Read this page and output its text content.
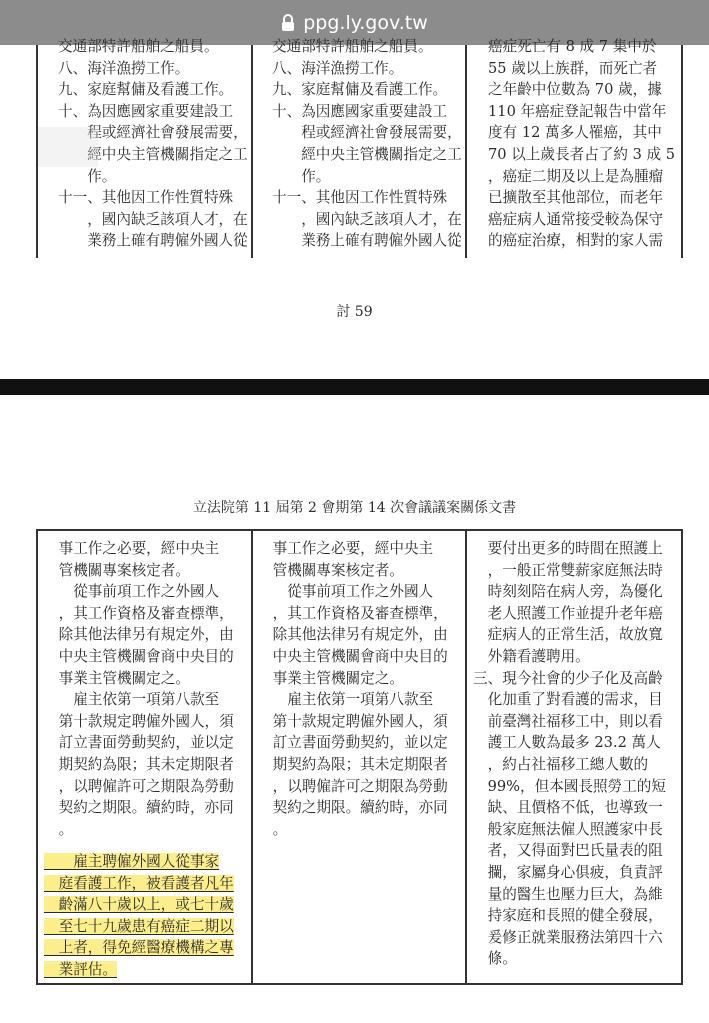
ppg.ly.gov.tw
交通部特許船舶之船員。
八、海洋漁撈工作。
九、家庭幫傭及看護工作。
十、為因應國家重要建設工
　　程或經濟社會發展需要，
　　經中央主管機關指定之工
　　作。
十一、其他因工作性質特殊
　　，國內缺乏該項人才，在
　　業務上確有聘僱外國人從
交通部特許船舶之船員。
八、海洋漁撈工作。
九、家庭幫傭及看護工作。
十、為因應國家重要建設工
　　程或經濟社會發展需要，
　　經中央主管機關指定之工
　　作。
十一、其他因工作性質特殊
　　，國內缺乏該項人才，在
　　業務上確有聘僱外國人從
癌症死亡有 8 成 7 集中於
55 歲以上族群，而死亡者
之年齡中位數為 70 歲，據
110 年癌症登記報告中當年
度有 12 萬多人罹癌，其中
70 以上歲長者占了約 3 成 5
，癌症二期及以上是為腫瘤
已擴散至其他部位，而老年
癌症病人通常接受較為保守
的癌症治療，相對的家人需
討 59
立法院第 11 屆第 2 會期第 14 次會議議案關係文書
　事工作之必要，經中央主
　管機關專案核定者。
　　從事前項工作之外國人
　，其工作資格及審查標準，
　除其他法律另有規定外，由
　中央主管機關會商中央目的
　事業主管機關定之。
　　雇主依第一項第八款至
　第十款規定聘僱外國人，須
　訂立書面勞動契約，並以定
　期契約為限；其未定期限者
　，以聘僱許可之期限為勞動
　契約之期限。續約時，亦同
　。
　　雇主聘僱外國人從事家
　庭看護工作，被看護者凡年
　齡滿八十歲以上，或七十歲
　至七十九歲患有癌症二期以
　上者，得免經醫療機構之專
　業評估。
　事工作之必要，經中央主
　管機關專案核定者。
　　從事前項工作之外國人
　，其工作資格及審查標準，
　除其他法律另有規定外，由
　中央主管機關會商中央目的
　事業主管機關定之。
　　雇主依第一項第八款至
　第十款規定聘僱外國人，須
　訂立書面勞動契約，並以定
　期契約為限；其未定期限者
　，以聘僱許可之期限為勞動
　契約之期限。續約時，亦同
　。
　要付出更多的時間在照護上
　，一般正常雙薪家庭無法時
　時刻刻陪在病人旁，為優化
　老人照護工作並提升老年癌
　症病人的正常生活，故放寬
　外籍看護聘用。
三、現今社會的少子化及高齡
　化加重了對看護的需求，目
　前臺灣社福移工中，則以看
　護工人數為最多 23.2 萬人
　，約占社福移工總人數的
　99%，但本國長照勞工的短
　缺、且價格不低，也導致一
　般家庭無法僱人照護家中長
　者，又得面對巴氏量表的阻
　攔，家屬身心俱疲，負責評
　量的醫生也壓力巨大，為維
　持家庭和長照的健全發展，
　爰修正就業服務法第四十六
　條。
